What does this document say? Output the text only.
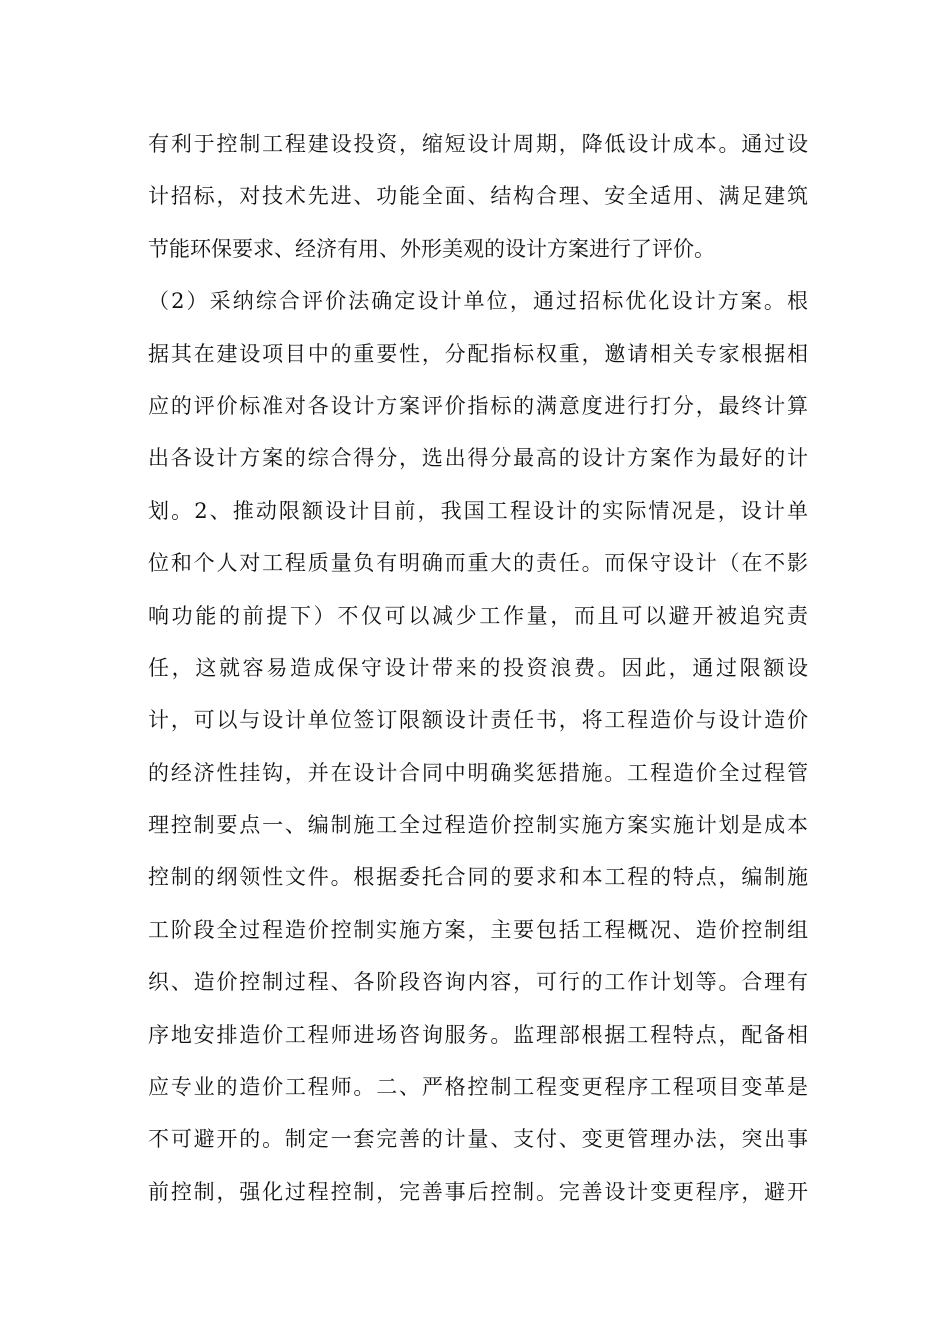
有利于控制工程建设投资，缩短设计周期，降低设计成本。通过设
计招标，对技术先进、功能全面、结构合理、安全适用、满足建筑
节能环保要求、经济有用、外形美观的设计方案进行了评价。
（2）采纳综合评价法确定设计单位，通过招标优化设计方案。根
据其在建设项目中的重要性，分配指标权重，邀请相关专家根据相
应的评价标准对各设计方案评价指标的满意度进行打分，最终计算
出各设计方案的综合得分，选出得分最高的设计方案作为最好的计
划。2、推动限额设计目前，我国工程设计的实际情况是，设计单
位和个人对工程质量负有明确而重大的责任。而保守设计（在不影
响功能的前提下）不仅可以减少工作量，而且可以避开被追究责
任，这就容易造成保守设计带来的投资浪费。因此，通过限额设
计，可以与设计单位签订限额设计责任书，将工程造价与设计造价
的经济性挂钩，并在设计合同中明确奖惩措施。工程造价全过程管
理控制要点一、编制施工全过程造价控制实施方案实施计划是成本
控制的纲领性文件。根据委托合同的要求和本工程的特点，编制施
工阶段全过程造价控制实施方案，主要包括工程概况、造价控制组
织、造价控制过程、各阶段咨询内容，可行的工作计划等。合理有
序地安排造价工程师进场咨询服务。监理部根据工程特点，配备相
应专业的造价工程师。二、严格控制工程变更程序工程项目变革是
不可避开的。制定一套完善的计量、支付、变更管理办法，突出事
前控制，强化过程控制，完善事后控制。完善设计变更程序，避开
